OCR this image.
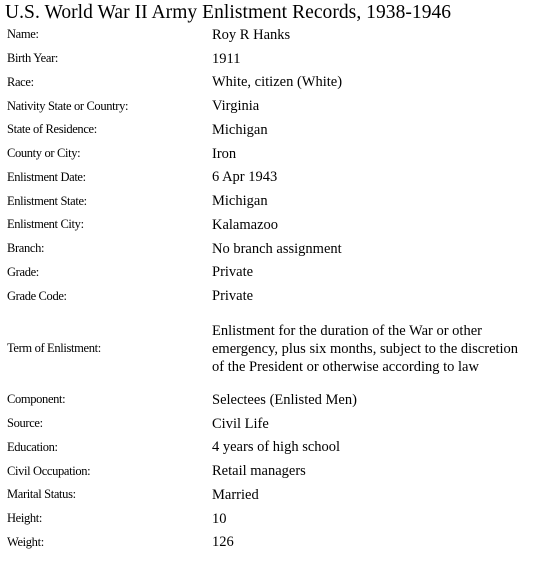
U.S. World War II Army Enlistment Records, 1938-1946
Name:	Roy R Hanks
Birth Year:	1911
Race:	White, citizen (White)
Nativity State or Country:	Virginia
State of Residence:	Michigan
County or City:	Iron
Enlistment Date:	6 Apr 1943
Enlistment State:	Michigan
Enlistment City:	Kalamazoo
Branch:	No branch assignment
Grade:	Private
Grade Code:	Private
Term of Enlistment:	Enlistment for the duration of the War or other emergency, plus six months, subject to the discretion of the President or otherwise according to law
Component:	Selectees (Enlisted Men)
Source:	Civil Life
Education:	4 years of high school
Civil Occupation:	Retail managers
Marital Status:	Married
Height:	10
Weight:	126
